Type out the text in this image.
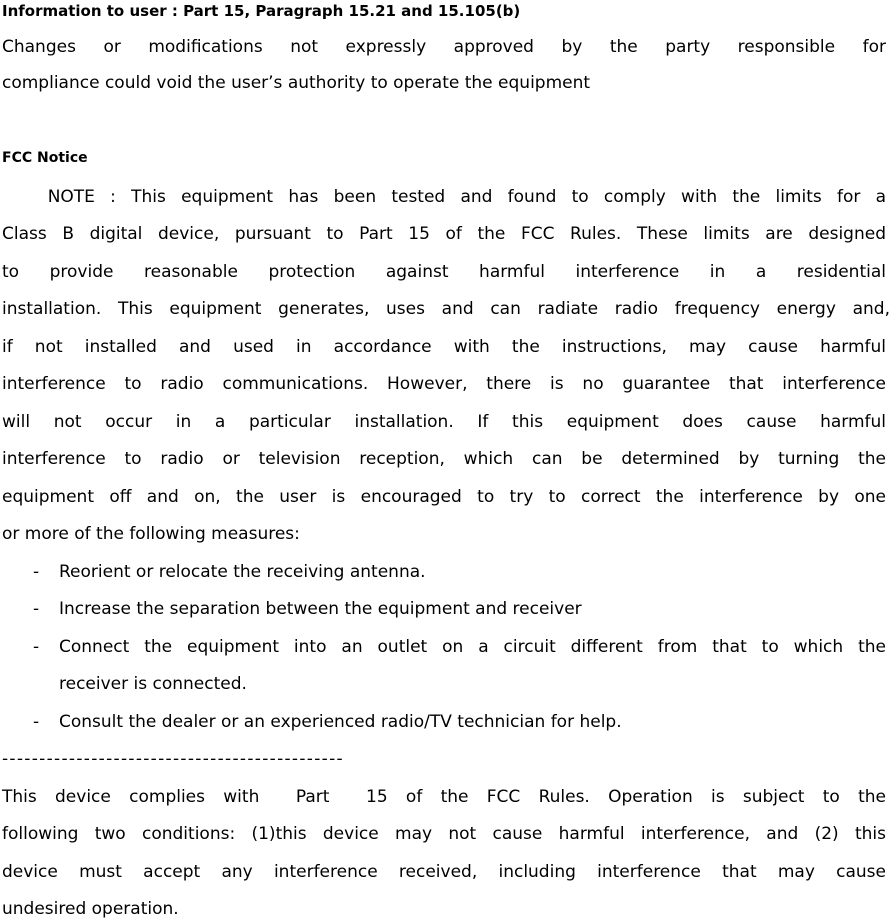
Information to user : Part 15, Paragraph 15.21 and 15.105(b)
Changes or modifications not expressly approved by the party responsible for
compliance could void the user’s authority to operate the equipment
FCC Notice
NOTE : This equipment has been tested and found to comply with the limits for a
Class B digital device, pursuant to Part 15 of the FCC Rules. These limits are designed
to provide reasonable protection against harmful interference in a residential
installation. This equipment generates, uses and can radiate radio frequency energy and,
if not installed and used in accordance with the instructions, may cause harmful
interference to radio communications. However, there is no guarantee that interference
will not occur in a particular installation. If this equipment does cause harmful
interference to radio or television reception, which can be determined by turning the
equipment off and on, the user is encouraged to try to correct the interference by one
or more of the following measures:
- Reorient or relocate the receiving antenna.
- Increase the separation between the equipment and receiver
- Connect the equipment into an outlet on a circuit different from that to which the
receiver is connected.
- Consult the dealer or an experienced radio/TV technician for help.
----------------------------------------------
This device complies with  Part  15 of the FCC Rules. Operation is subject to the
following two conditions: (1)this device may not cause harmful interference, and (2) this
device must accept any interference received, including interference that may cause
undesired operation.
